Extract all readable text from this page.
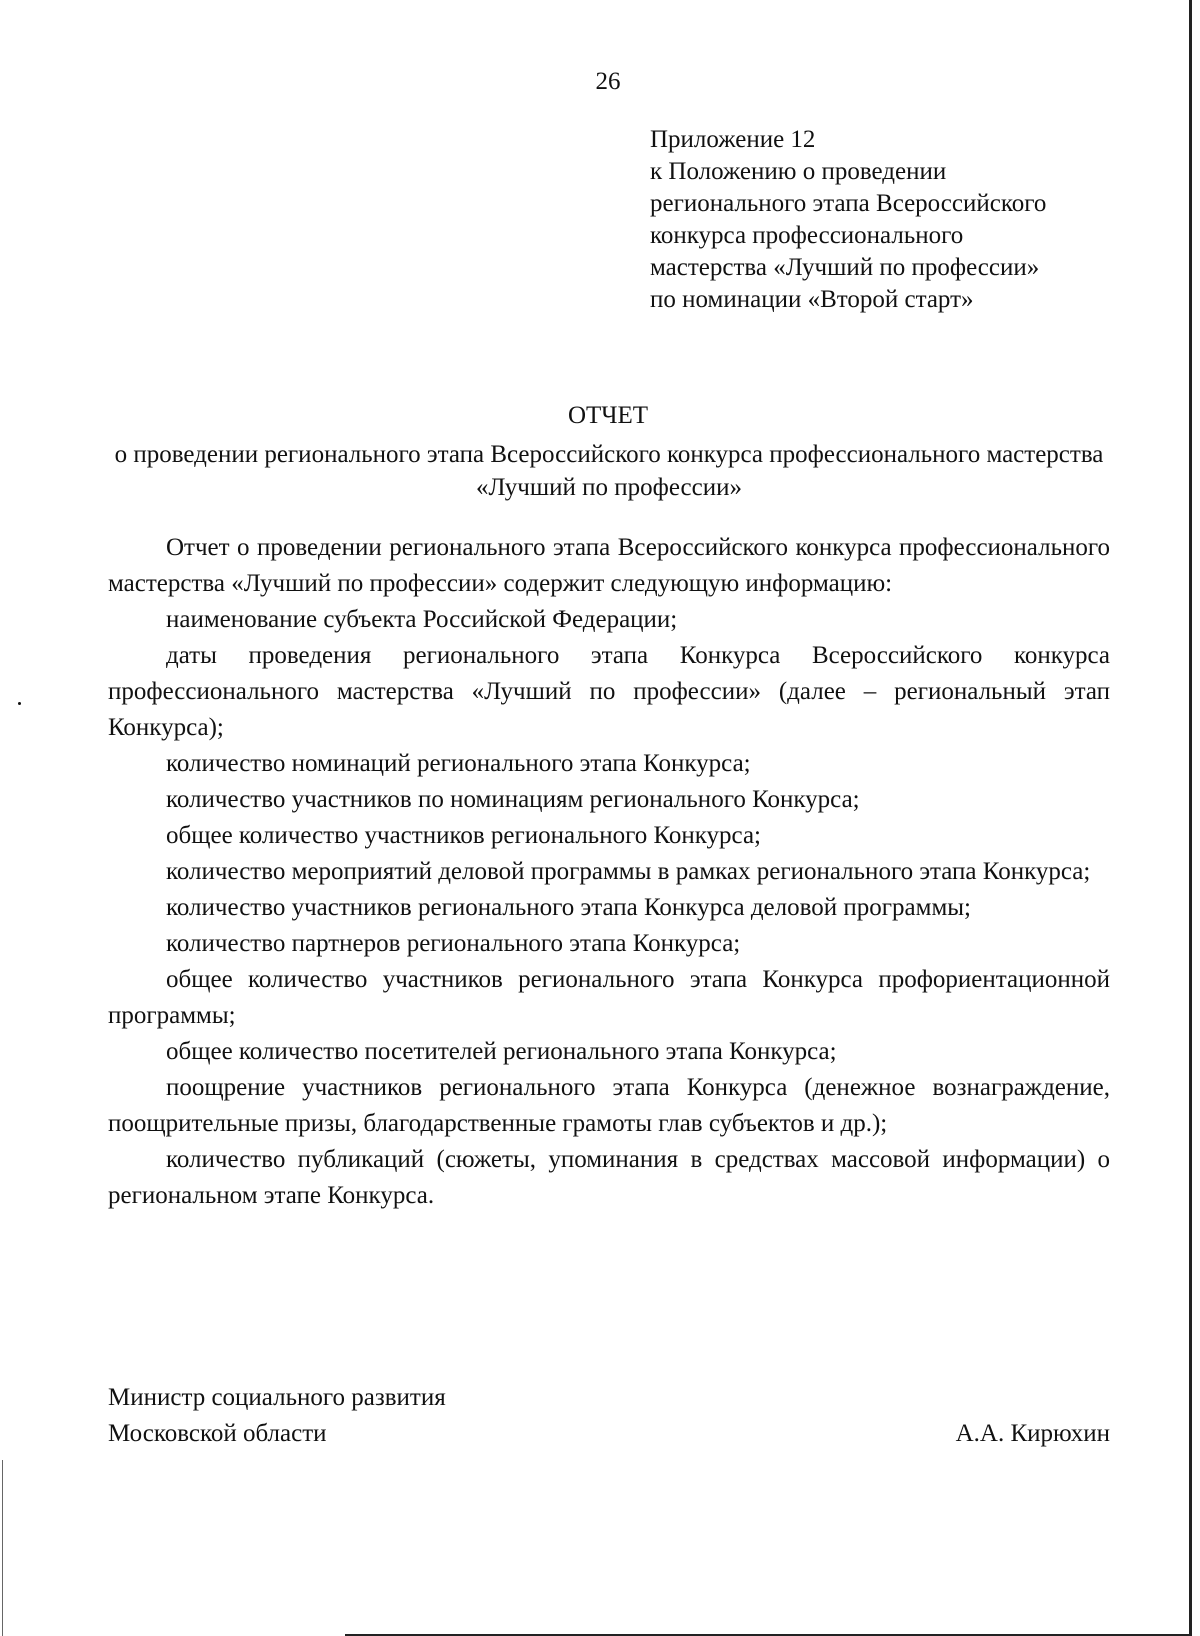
26
Приложение 12
к Положению о проведении
регионального этапа Всероссийского
конкурса профессионального
мастерства «Лучший по профессии»
по номинации «Второй старт»
ОТЧЕТ
о проведении регионального этапа Всероссийского конкурса профессионального мастерства «Лучший по профессии»

Отчет о проведении регионального этапа Всероссийского конкурса профессионального мастерства «Лучший по профессии» содержит следующую информацию:

наименование субъекта Российской Федерации;

даты проведения регионального этапа Конкурса Всероссийского конкурса профессионального мастерства «Лучший по профессии» (далее – региональный этап Конкурса);

количество номинаций регионального этапа Конкурса;

количество участников по номинациям регионального Конкурса;

общее количество участников регионального Конкурса;

количество мероприятий деловой программы в рамках регионального этапа Конкурса;

количество участников регионального этапа Конкурса деловой программы;

количество партнеров регионального этапа Конкурса;

общее количество участников регионального этапа Конкурса профориентационной программы;

общее количество посетителей регионального этапа Конкурса;

поощрение участников регионального этапа Конкурса (денежное вознаграждение, поощрительные призы, благодарственные грамоты глав субъектов и др.);

количество публикаций (сюжеты, упоминания в средствах массовой информации) о региональном этапе Конкурса.

Министр социального развития
Московской области	А.А. Кирюхин
